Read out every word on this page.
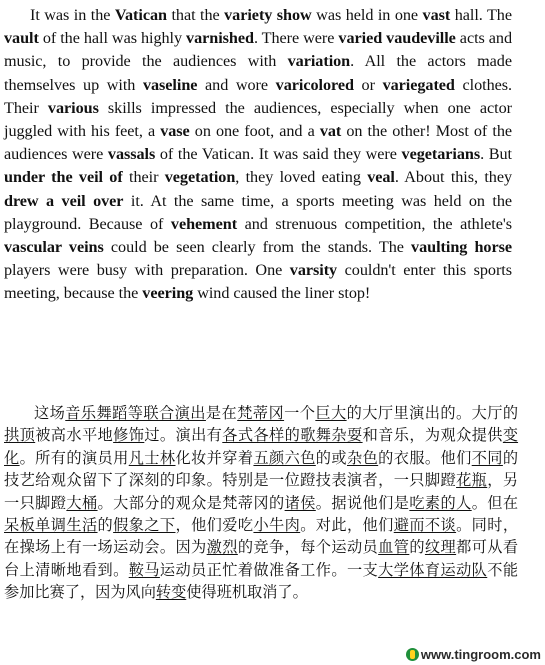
It was in the Vatican that the variety show was held in one vast hall. The vault of the hall was highly varnished. There were varied vaudeville acts and music, to provide the audiences with variation. All the actors made themselves up with vaseline and wore varicolored or variegated clothes. Their various skills impressed the audiences, especially when one actor juggled with his feet, a vase on one foot, and a vat on the other! Most of the audiences were vassals of the Vatican. It was said they were vegetarians. But under the veil of their vegetation, they loved eating veal. About this, they drew a veil over it. At the same time, a sports meeting was held on the playground. Because of vehement and strenuous competition, the athlete's vascular veins could be seen clearly from the stands. The vaulting horse players were busy with preparation. One varsity couldn't enter this sports meeting, because the veering wind caused the liner stop!

这场音乐舞蹈等联合演出是在梵蒂冈一个巨大的大厅里演出的。大厅的拱顶被高水平地修饰过。演出有各式各样的歌舞杂耍和音乐，为观众提供变化。所有的演员用凡士林化妆并穿着五颜六色的或杂色的衣服。他们不同的技艺给观众留下了深刻的印象。特别是一位蹬技表演者，一只脚蹬花瓶，另一只脚蹬大桶。大部分的观众是梵蒂冈的诸侯。据说他们是吃素的人。但在呆板单调生活的假象之下，他们爱吃小牛肉。对此，他们避而不谈。同时，在操场上有一场运动会。因为激烈的竞争，每个运动员血管的纹理都可从看台上清晰地看到。鞍马运动员正忙着做准备工作。一支大学体育运动队不能参加比赛了，因为风向转变使得班机取消了。

www.tingroom.com
